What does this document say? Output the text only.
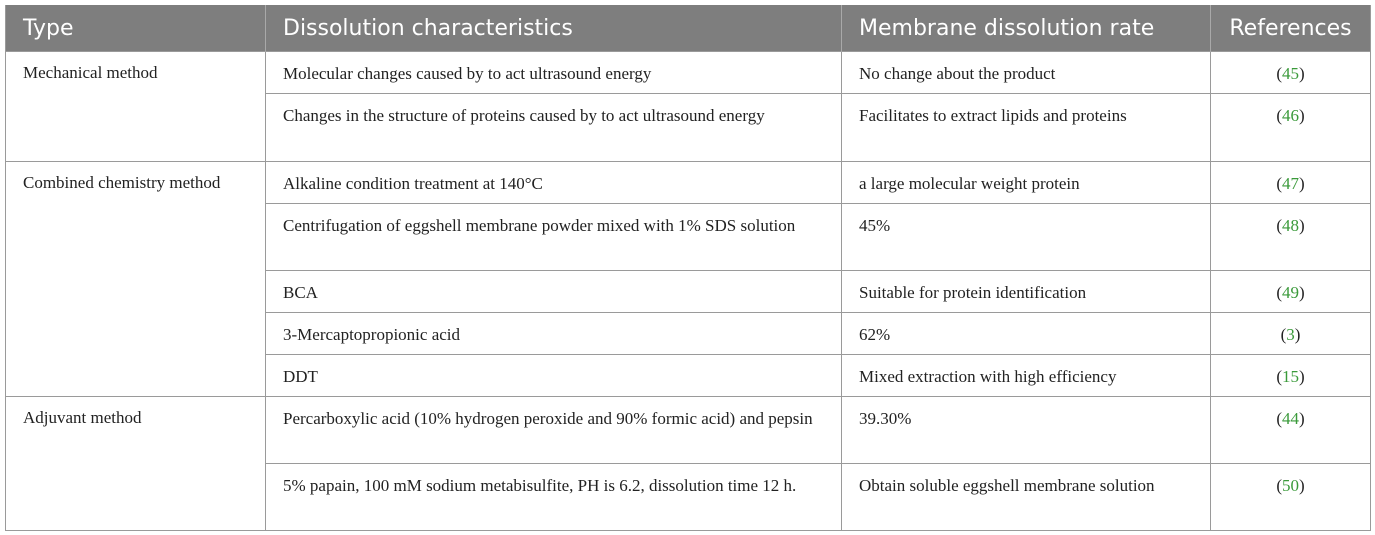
Type	Dissolution characteristics	Membrane dissolution rate	References
Mechanical method	Molecular changes caused by to act ultrasound energy	No change about the product	(45)
	Changes in the structure of proteins caused by to act ultrasound energy	Facilitates to extract lipids and proteins	(46)
Combined chemistry method	Alkaline condition treatment at 140°C	a large molecular weight protein	(47)
	Centrifugation of eggshell membrane powder mixed with 1% SDS solution	45%	(48)
	BCA	Suitable for protein identification	(49)
	3-Mercaptopropionic acid	62%	(3)
	DDT	Mixed extraction with high efficiency	(15)
Adjuvant method	Percarboxylic acid (10% hydrogen peroxide and 90% formic acid) and pepsin	39.30%	(44)
	5% papain, 100 mM sodium metabisulfite, PH is 6.2, dissolution time 12 h.	Obtain soluble eggshell membrane solution	(50)
